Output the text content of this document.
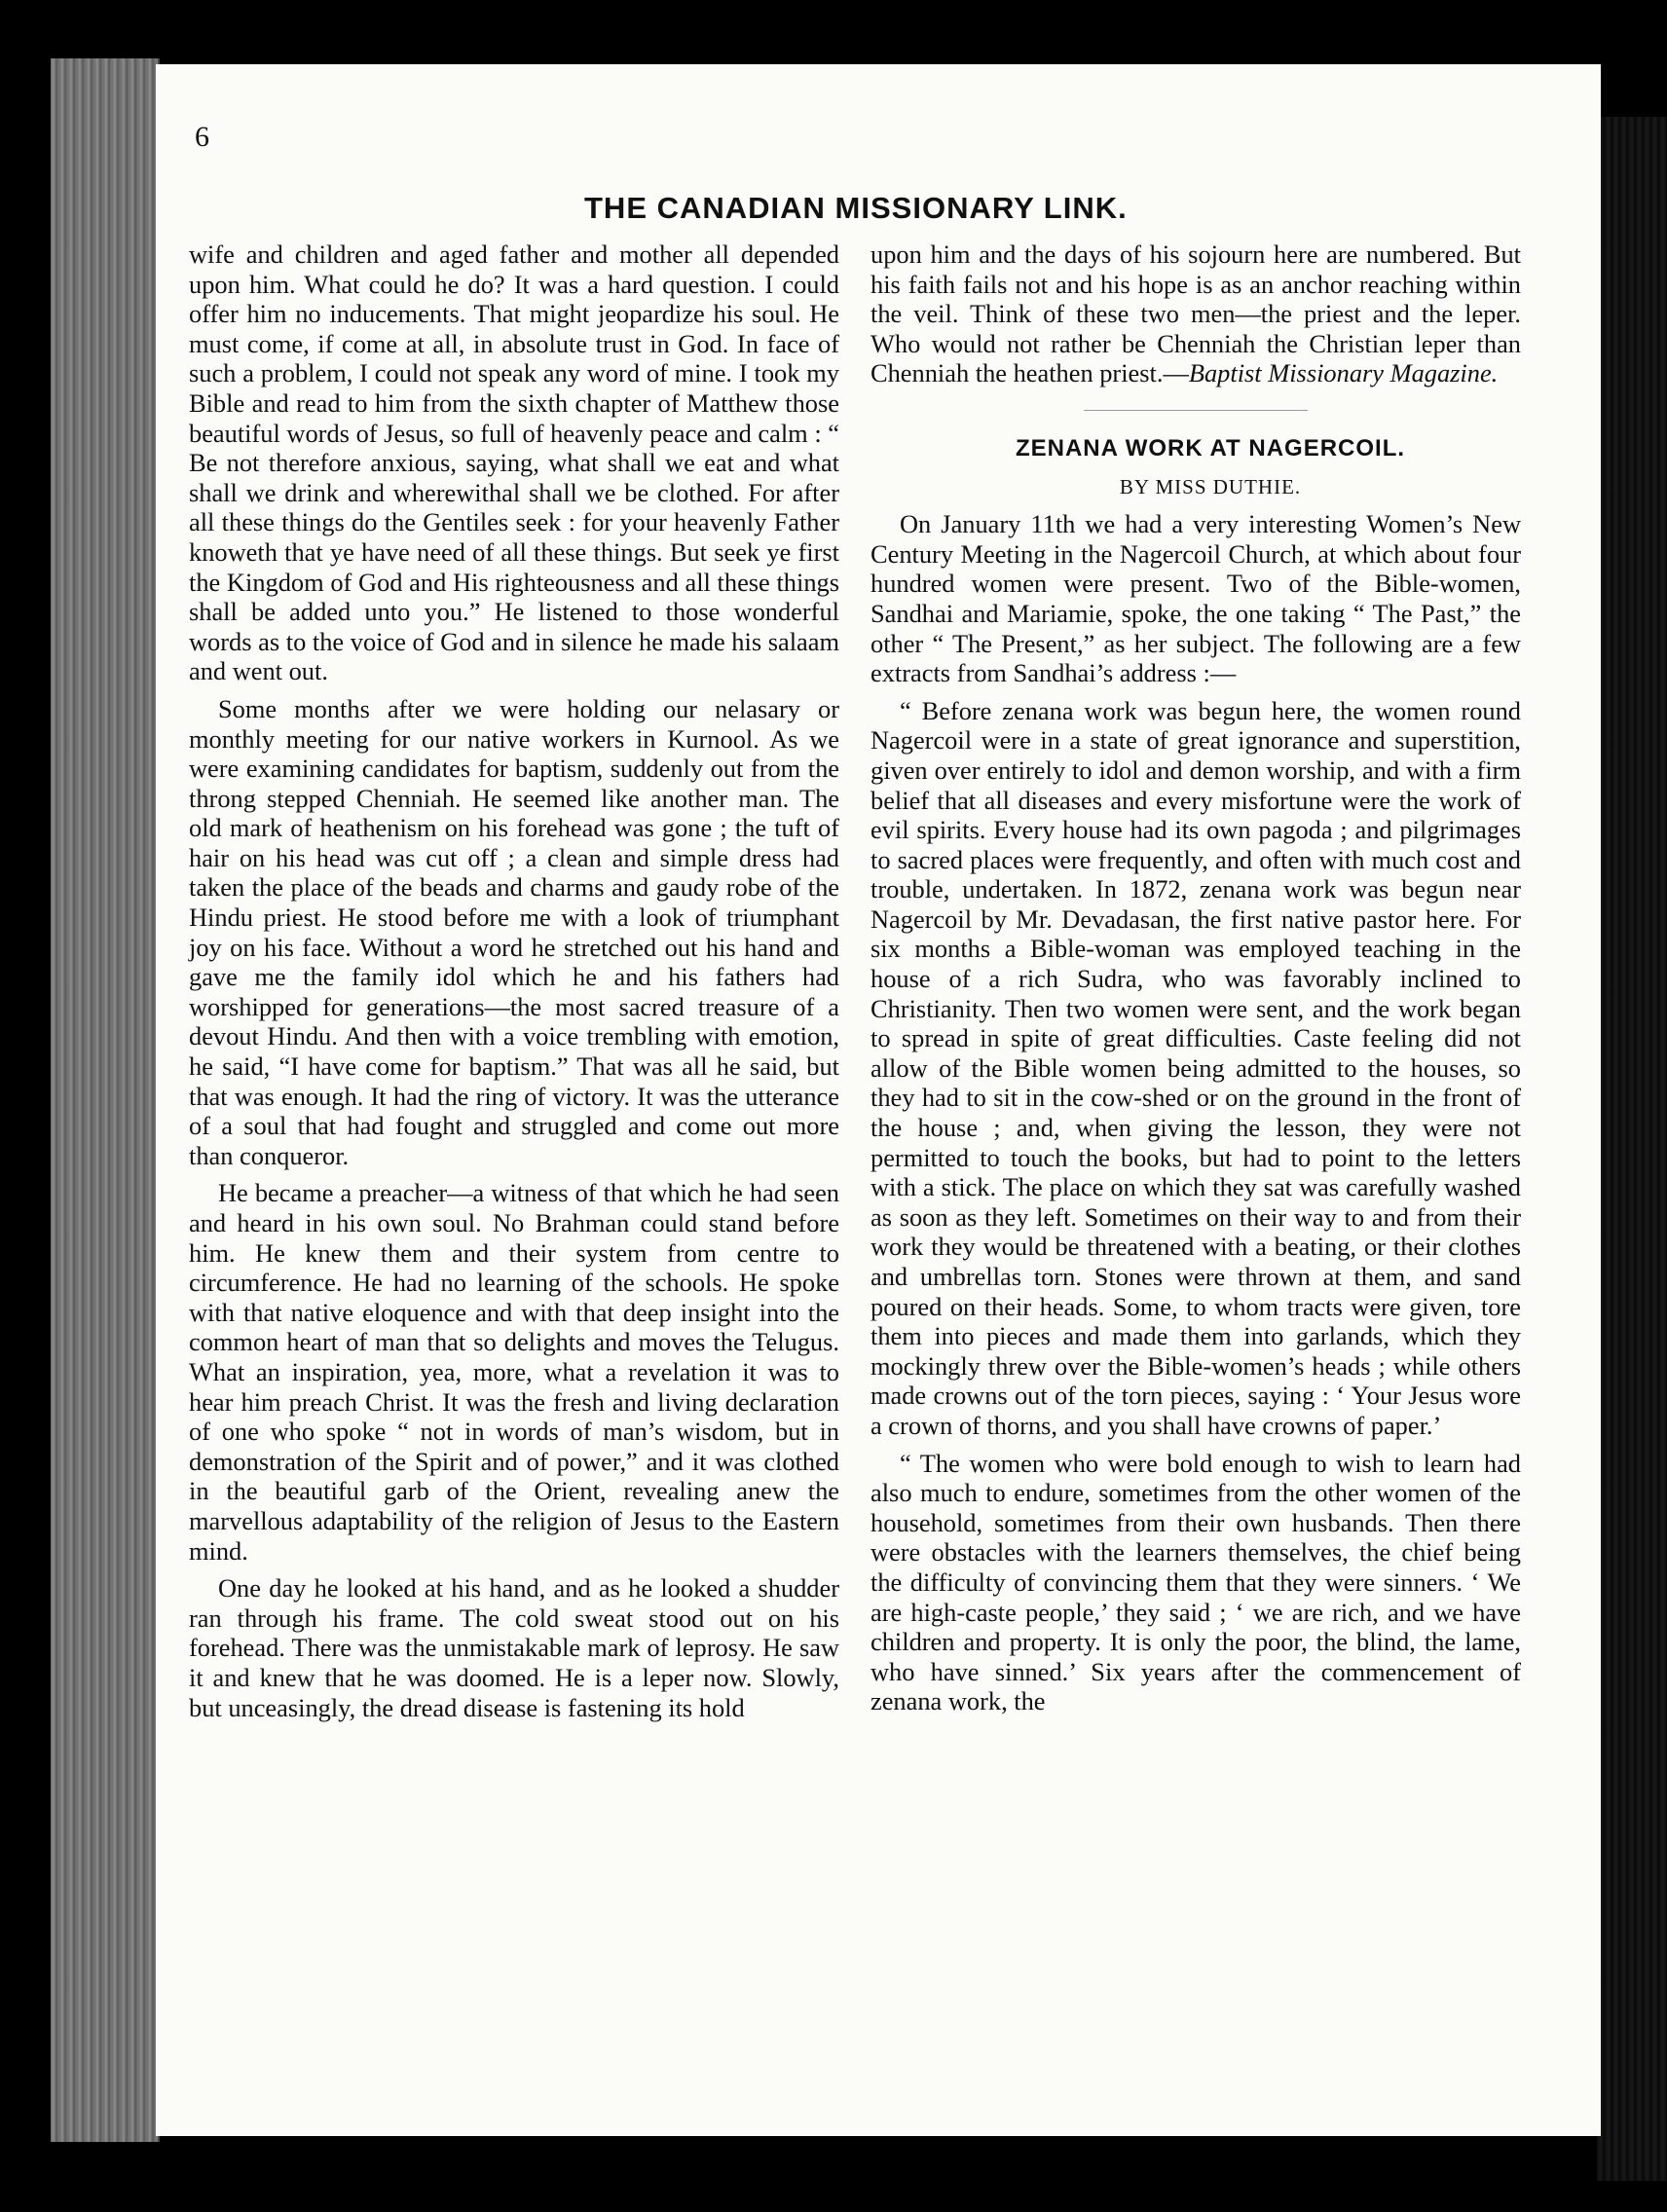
6
THE CANADIAN MISSIONARY LINK.

wife and children and aged father and mother all depended upon him. What could he do? It was a hard question. I could offer him no inducements. That might jeopardize his soul. He must come, if come at all, in absolute trust in God. In face of such a problem, I could not speak any word of mine. I took my Bible and read to him from the sixth chapter of Matthew those beautiful words of Jesus, so full of heavenly peace and calm : “ Be not therefore anxious, saying, what shall we eat and what shall we drink and wherewithal shall we be clothed. For after all these things do the Gentiles seek : for your heavenly Father knoweth that ye have need of all these things. But seek ye first the Kingdom of God and His righteousness and all these things shall be added unto you.” He listened to those wonderful words as to the voice of God and in silence he made his salaam and went out.

Some months after we were holding our nelasary or monthly meeting for our native workers in Kurnool. As we were examining candidates for baptism, suddenly out from the throng stepped Chenniah. He seemed like another man. The old mark of heathenism on his forehead was gone ; the tuft of hair on his head was cut off ; a clean and simple dress had taken the place of the beads and charms and gaudy robe of the Hindu priest. He stood before me with a look of triumphant joy on his face. Without a word he stretched out his hand and gave me the family idol which he and his fathers had worshipped for generations—the most sacred treasure of a devout Hindu. And then with a voice trembling with emotion, he said, “I have come for baptism.” That was all he said, but that was enough. It had the ring of victory. It was the utterance of a soul that had fought and struggled and come out more than conqueror.

He became a preacher—a witness of that which he had seen and heard in his own soul. No Brahman could stand before him. He knew them and their system from centre to circumference. He had no learning of the schools. He spoke with that native eloquence and with that deep insight into the common heart of man that so delights and moves the Telugus. What an inspiration, yea, more, what a revelation it was to hear him preach Christ. It was the fresh and living declaration of one who spoke “ not in words of man’s wisdom, but in demonstration of the Spirit and of power,” and it was clothed in the beautiful garb of the Orient, revealing anew the marvellous adaptability of the religion of Jesus to the Eastern mind.

One day he looked at his hand, and as he looked a shudder ran through his frame. The cold sweat stood out on his forehead. There was the unmistakable mark of leprosy. He saw it and knew that he was doomed. He is a leper now. Slowly, but unceasingly, the dread disease is fastening its hold

upon him and the days of his sojourn here are numbered. But his faith fails not and his hope is as an anchor reaching within the veil. Think of these two men—the priest and the leper. Who would not rather be Chenniah the Christian leper than Chenniah the heathen priest.—Baptist Missionary Magazine.

ZENANA WORK AT NAGERCOIL.

BY MISS DUTHIE.

On January 11th we had a very interesting Women’s New Century Meeting in the Nagercoil Church, at which about four hundred women were present. Two of the Bible-women, Sandhai and Mariamie, spoke, the one taking “ The Past,” the other “ The Present,” as her subject. The following are a few extracts from Sandhai’s address :—

“ Before zenana work was begun here, the women round Nagercoil were in a state of great ignorance and superstition, given over entirely to idol and demon worship, and with a firm belief that all diseases and every misfortune were the work of evil spirits. Every house had its own pagoda ; and pilgrimages to sacred places were frequently, and often with much cost and trouble, undertaken. In 1872, zenana work was begun near Nagercoil by Mr. Devadasan, the first native pastor here. For six months a Bible-woman was employed teaching in the house of a rich Sudra, who was favorably inclined to Christianity. Then two women were sent, and the work began to spread in spite of great difficulties. Caste feeling did not allow of the Bible women being admitted to the houses, so they had to sit in the cow-shed or on the ground in the front of the house ; and, when giving the lesson, they were not permitted to touch the books, but had to point to the letters with a stick. The place on which they sat was carefully washed as soon as they left. Sometimes on their way to and from their work they would be threatened with a beating, or their clothes and umbrellas torn. Stones were thrown at them, and sand poured on their heads. Some, to whom tracts were given, tore them into pieces and made them into garlands, which they mockingly threw over the Bible-women’s heads ; while others made crowns out of the torn pieces, saying : ‘ Your Jesus wore a crown of thorns, and you shall have crowns of paper.’

“ The women who were bold enough to wish to learn had also much to endure, sometimes from the other women of the household, sometimes from their own husbands. Then there were obstacles with the learners themselves, the chief being the difficulty of convincing them that they were sinners. ‘ We are high-caste people,’ they said ; ‘ we are rich, and we have children and property. It is only the poor, the blind, the lame, who have sinned.’ Six years after the commencement of zenana work, the
